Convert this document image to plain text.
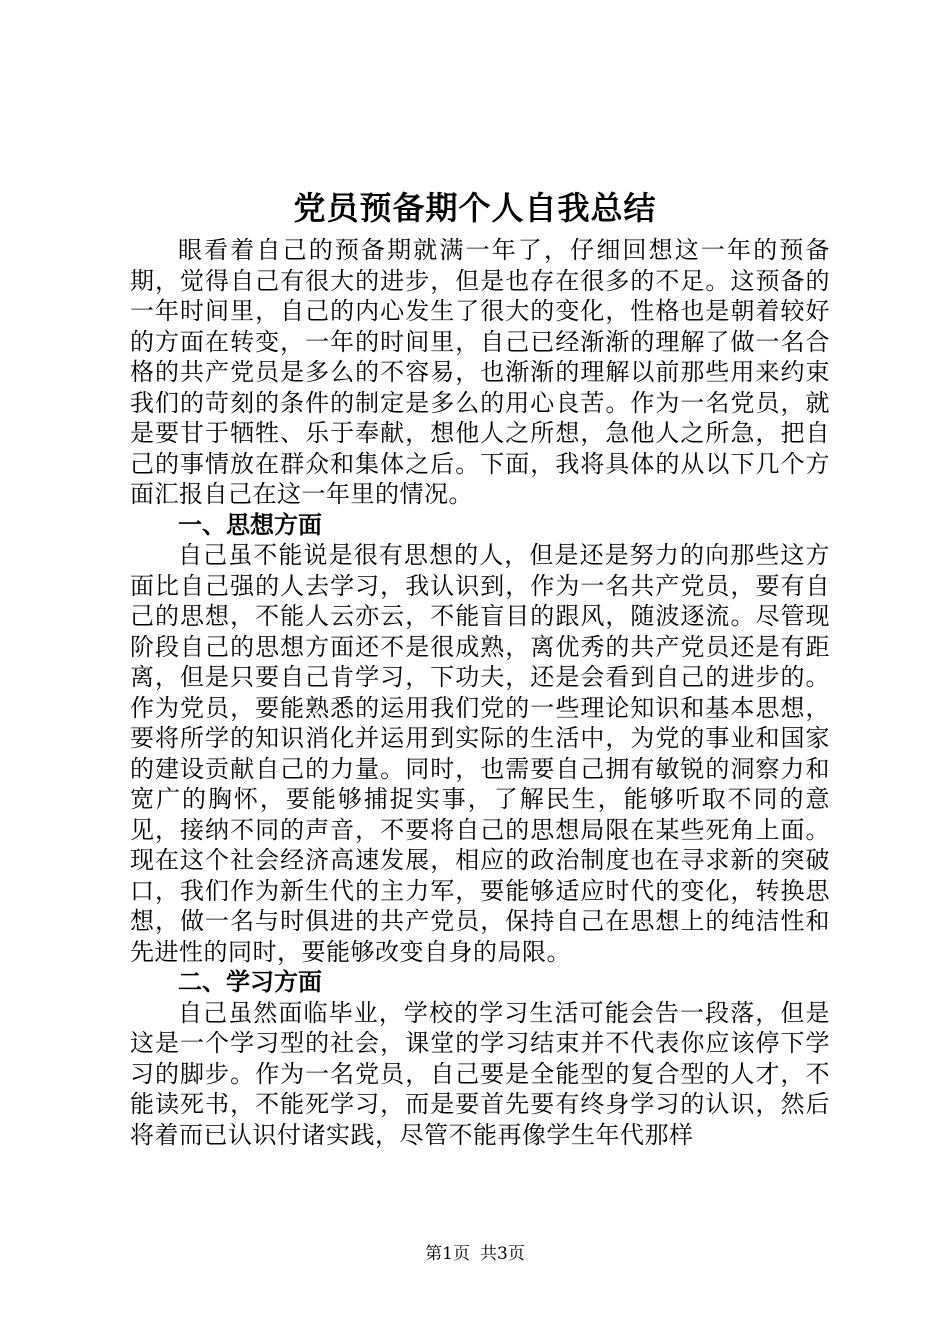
党员预备期个人自我总结

眼看着自己的预备期就满一年了，仔细回想这一年的预备期，觉得自己有很大的进步，但是也存在很多的不足。这预备的一年时间里，自己的内心发生了很大的变化，性格也是朝着较好的方面在转变，一年的时间里，自己已经渐渐的理解了做一名合格的共产党员是多么的不容易，也渐渐的理解以前那些用来约束我们的苛刻的条件的制定是多么的用心良苦。作为一名党员，就是要甘于牺牲、乐于奉献，想他人之所想，急他人之所急，把自己的事情放在群众和集体之后。下面，我将具体的从以下几个方面汇报自己在这一年里的情况。

一、思想方面

自己虽不能说是很有思想的人，但是还是努力的向那些这方面比自己强的人去学习，我认识到，作为一名共产党员，要有自己的思想，不能人云亦云，不能盲目的跟风，随波逐流。尽管现阶段自己的思想方面还不是很成熟，离优秀的共产党员还是有距离，但是只要自己肯学习，下功夫，还是会看到自己的进步的。作为党员，要能熟悉的运用我们党的一些理论知识和基本思想，要将所学的知识消化并运用到实际的生活中，为党的事业和国家的建设贡献自己的力量。同时，也需要自己拥有敏锐的洞察力和宽广的胸怀，要能够捕捉实事，了解民生，能够听取不同的意见，接纳不同的声音，不要将自己的思想局限在某些死角上面。现在这个社会经济高速发展，相应的政治制度也在寻求新的突破口，我们作为新生代的主力军，要能够适应时代的变化，转换思想，做一名与时俱进的共产党员，保持自己在思想上的纯洁性和先进性的同时，要能够改变自身的局限。

二、学习方面

自己虽然面临毕业，学校的学习生活可能会告一段落，但是这是一个学习型的社会，课堂的学习结束并不代表你应该停下学习的脚步。作为一名党员，自己要是全能型的复合型的人才，不能读死书，不能死学习，而是要首先要有终身学习的认识，然后将着而已认识付诸实践，尽管不能再像学生年代那样

第1页 共3页
